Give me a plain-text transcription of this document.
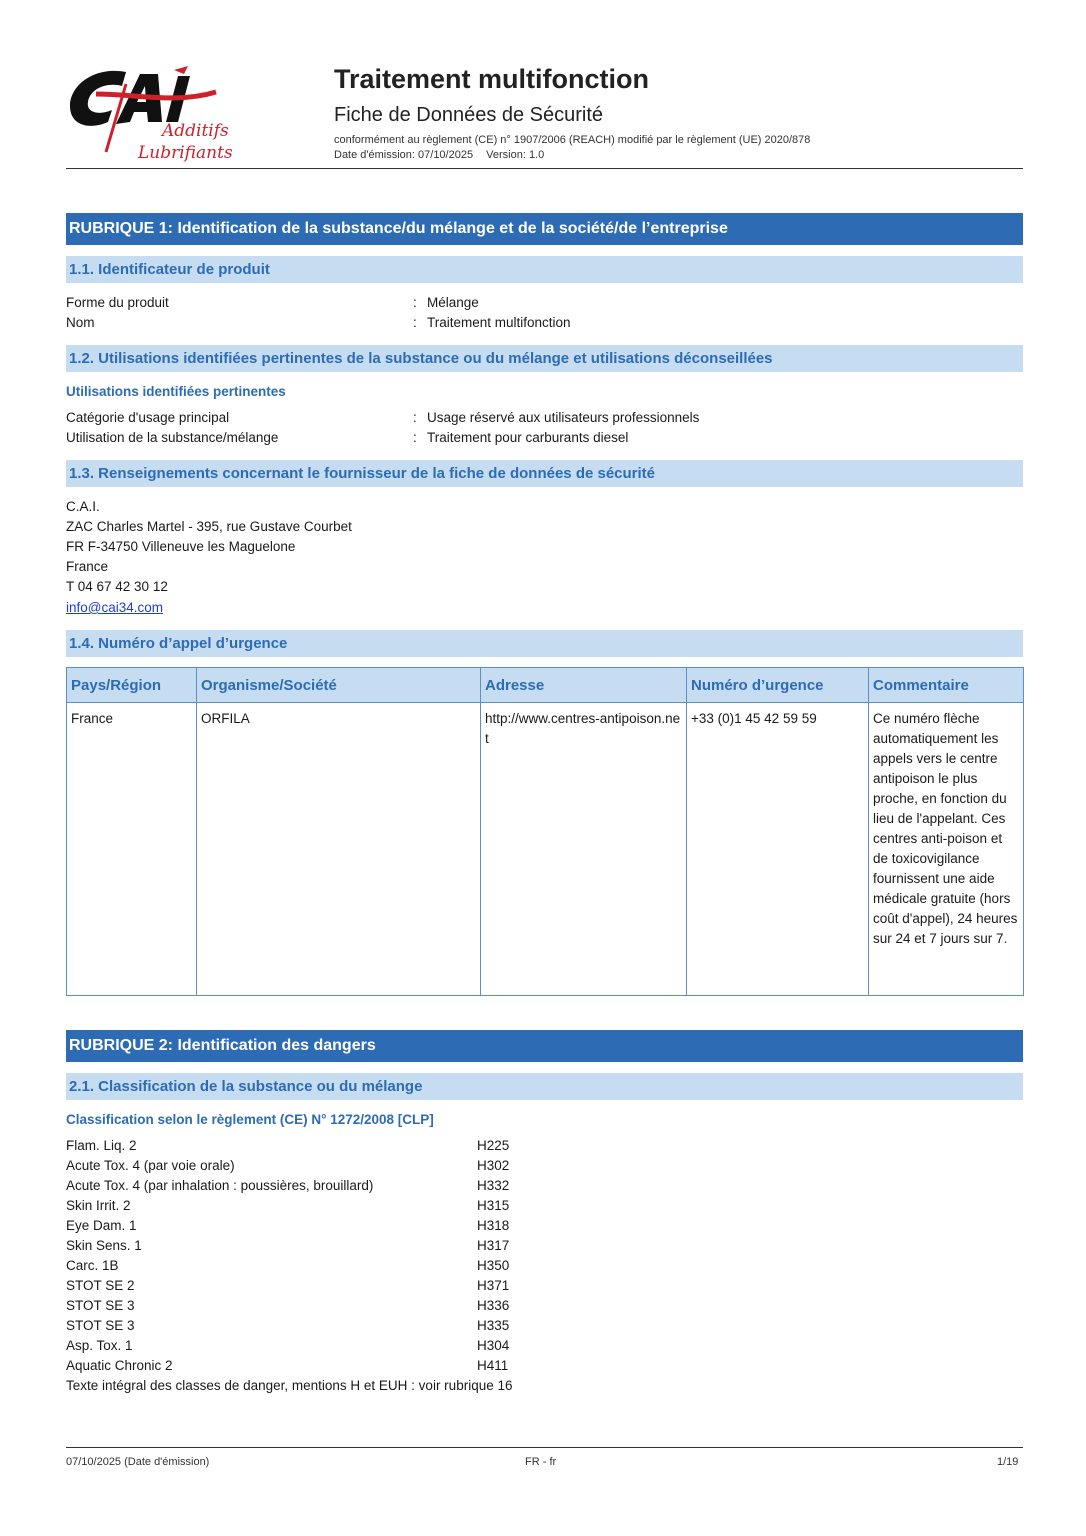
Additifs
Lubrifiants
Traitement multifonction
Fiche de Données de Sécurité
conformément au règlement (CE) n° 1907/2006 (REACH) modifié par le règlement (UE) 2020/878
Date d'émission: 07/10/2025 Version: 1.0
RUBRIQUE 1: Identification de la substance/du mélange et de la société/de l’entreprise
1.1. Identificateur de produit
Forme du produit	: Mélange
Nom	: Traitement multifonction
1.2. Utilisations identifiées pertinentes de la substance ou du mélange et utilisations déconseillées
Utilisations identifiées pertinentes
Catégorie d'usage principal	: Usage réservé aux utilisateurs professionnels
Utilisation de la substance/mélange	: Traitement pour carburants diesel
1.3. Renseignements concernant le fournisseur de la fiche de données de sécurité
C.A.I.
ZAC Charles Martel - 395, rue Gustave Courbet
FR F-34750 Villeneuve les Maguelone
France
T 04 67 42 30 12
info@cai34.com
1.4. Numéro d’appel d’urgence
Pays/Région	Organisme/Société	Adresse	Numéro d’urgence	Commentaire
France	ORFILA	http://www.centres-antipoison.net	+33 (0)1 45 42 59 59	Ce numéro flèche automatiquement les appels vers le centre antipoison le plus proche, en fonction du lieu de l'appelant. Ces centres anti-poison et de toxicovigilance fournissent une aide médicale gratuite (hors coût d'appel), 24 heures sur 24 et 7 jours sur 7.
RUBRIQUE 2: Identification des dangers
2.1. Classification de la substance ou du mélange
Classification selon le règlement (CE) N° 1272/2008 [CLP]
Flam. Liq. 2	H225
Acute Tox. 4 (par voie orale)	H302
Acute Tox. 4 (par inhalation : poussières, brouillard)	H332
Skin Irrit. 2	H315
Eye Dam. 1	H318
Skin Sens. 1	H317
Carc. 1B	H350
STOT SE 2	H371
STOT SE 3	H336
STOT SE 3	H335
Asp. Tox. 1	H304
Aquatic Chronic 2	H411
Texte intégral des classes de danger, mentions H et EUH : voir rubrique 16
07/10/2025 (Date d'émission)	FR - fr	1/19
